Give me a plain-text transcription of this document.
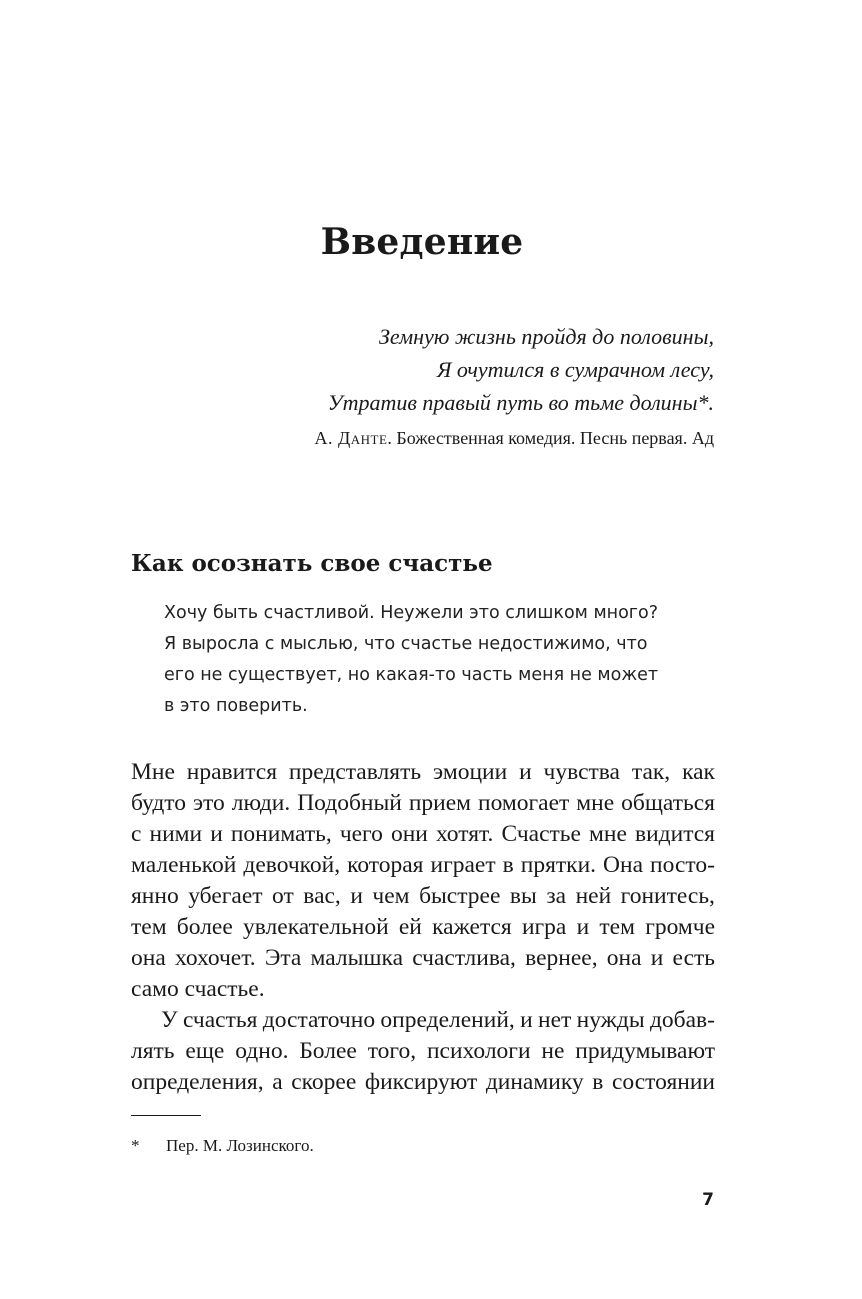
Введение

Земную жизнь пройдя до половины,

Я очутился в сумрачном лесу,

Утратив правый путь во тьме долины*.

А. Данте. Божественная комедия. Песнь первая. Ад
Как осознать свое счастье
Хочу быть счастливой. Неужели это слишком много?
Я выросла с мыслью, что счастье недостижимо, что
его не существует, но какая-то часть меня не может
в это поверить.
Мне нравится представлять эмоции и чувства так, как
будто это люди. Подобный прием помогает мне общаться
с ними и понимать, чего они хотят. Счастье мне видится
маленькой девочкой, которая играет в прятки. Она посто-
янно убегает от вас, и чем быстрее вы за ней гонитесь,
тем более увлекательной ей кажется игра и тем громче
она хохочет. Эта малышка счастлива, вернее, она и есть
само счастье.
У счастья достаточно определений, и нет нужды добав-
лять еще одно. Более того, психологи не придумывают
определения, а скорее фиксируют динамику в состоянии
* Пер. М. Лозинского.
7
